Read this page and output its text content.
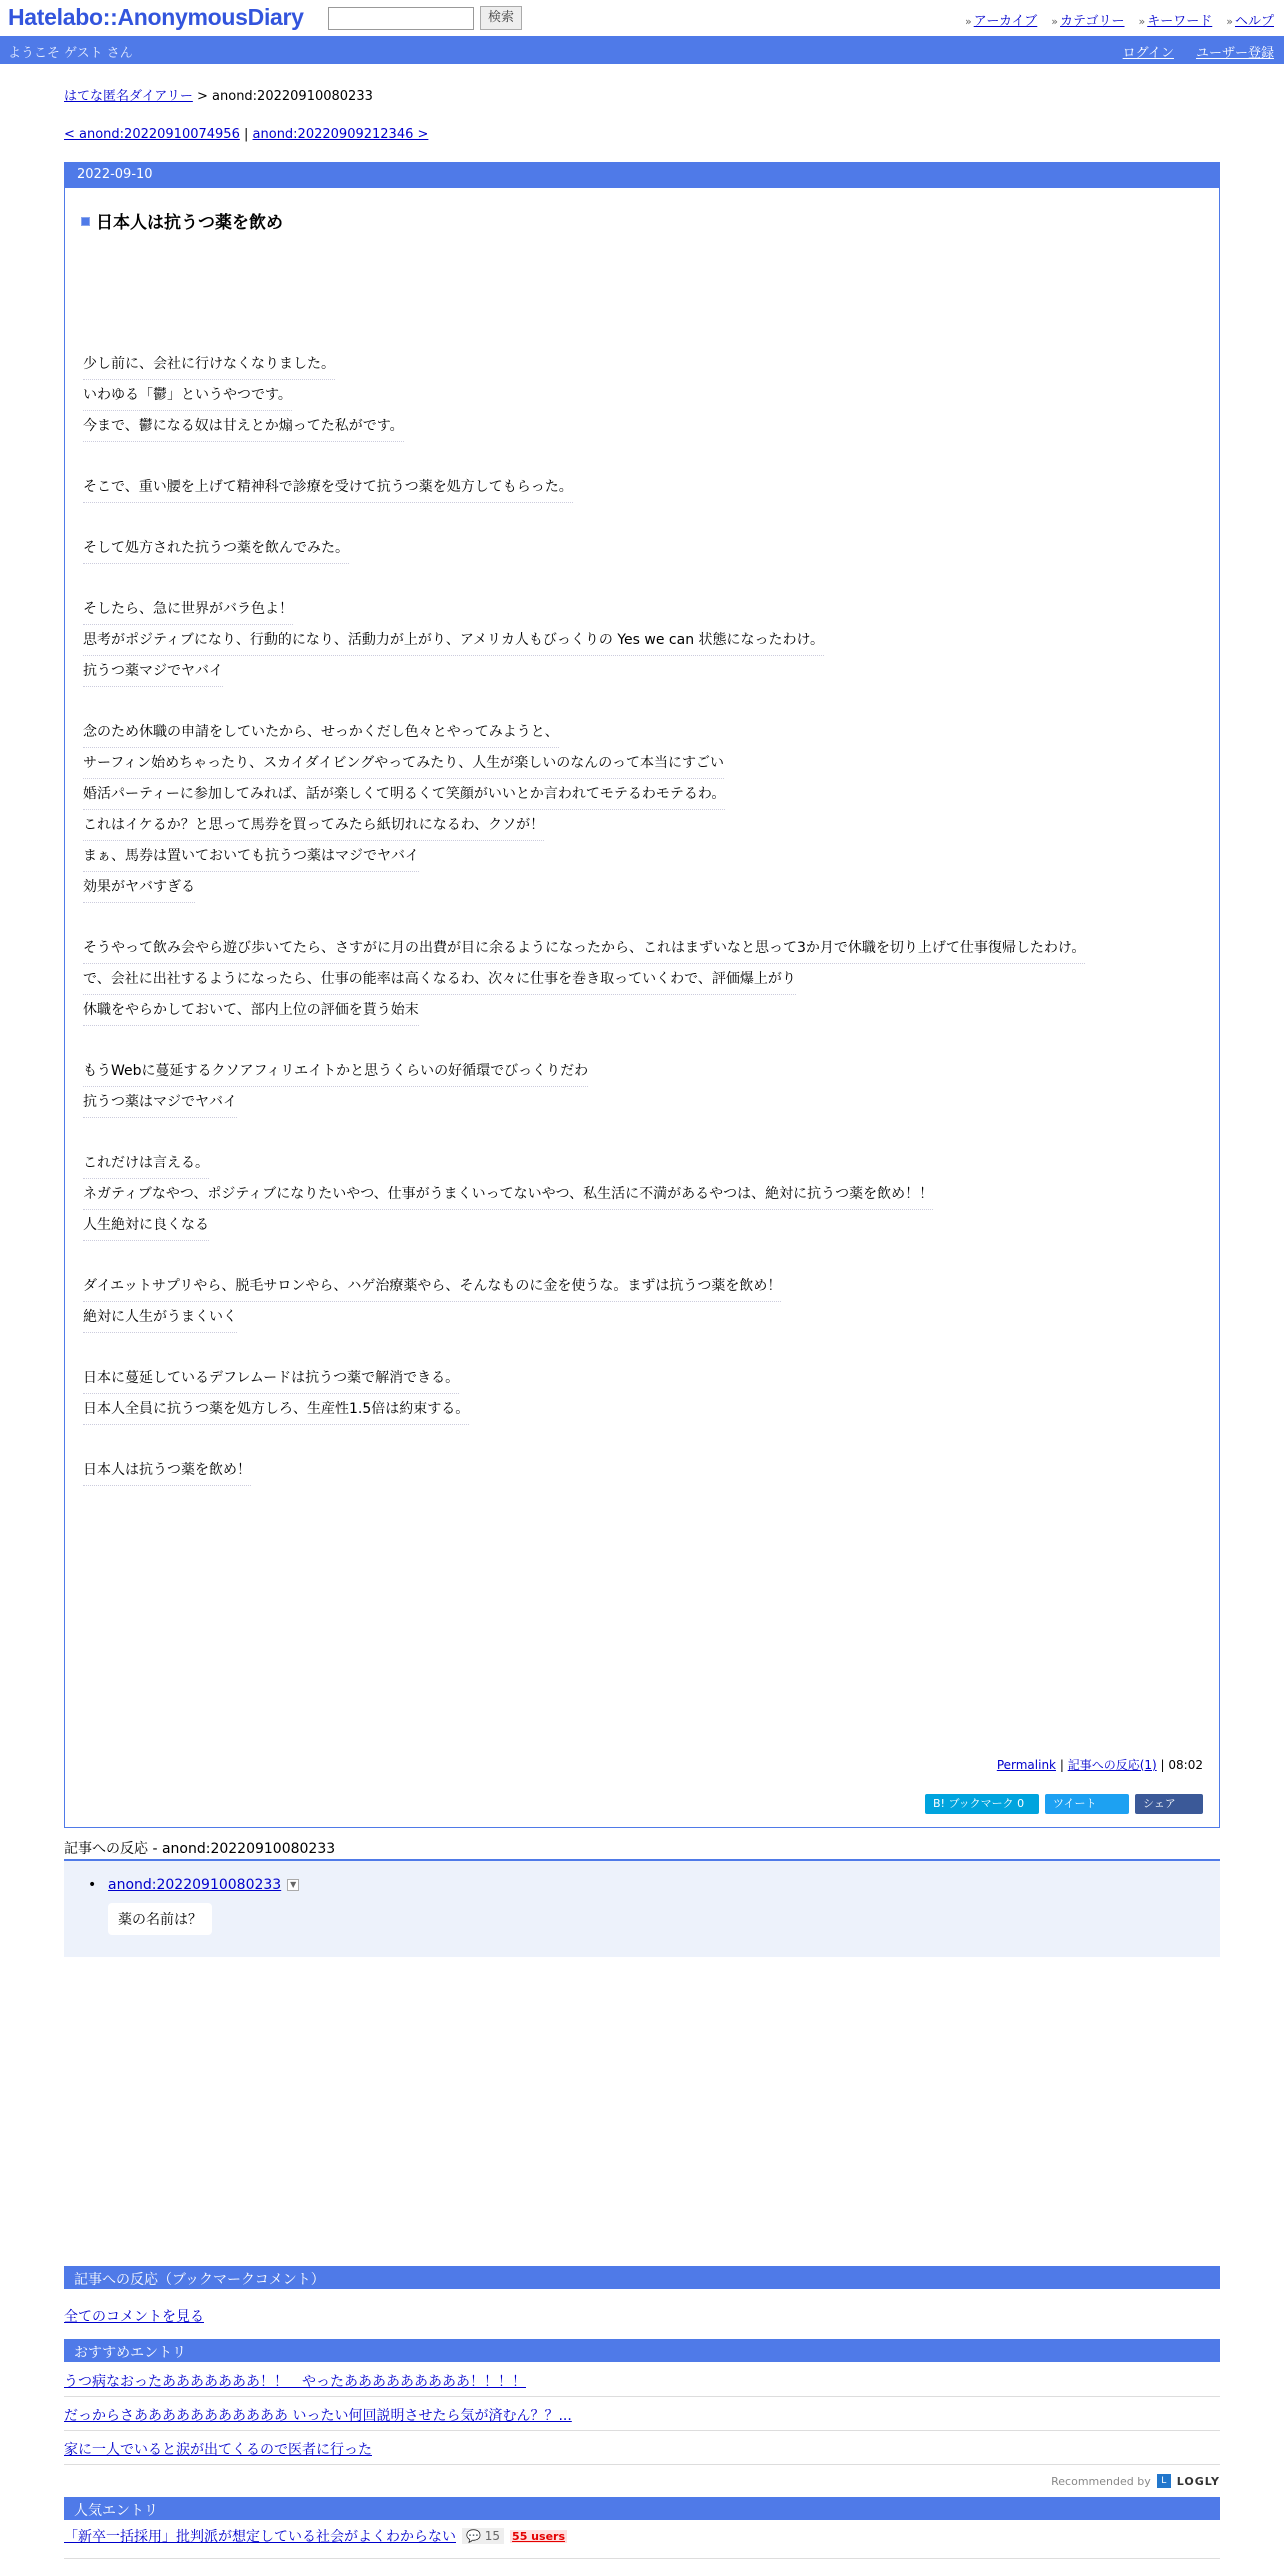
Hatelabo::AnonymousDiary	検索	» アーカイブ	» カテゴリー	» キーワード	» ヘルプ
ようこそ ゲスト さん	ログイン ユーザー登録
はてな匿名ダイアリー > anond:20220910080233
< anond:20220910074956 | anond:20220909212346 >
2022-09-10
日本人は抗うつ薬を飲め

少し前に、会社に行けなくなりました。

いわゆる「鬱」というやつです。

今まで、鬱になる奴は甘えとか煽ってた私がです。

そこで、重い腰を上げて精神科で診療を受けて抗うつ薬を処方してもらった。

そして処方された抗うつ薬を飲んでみた。

そしたら、急に世界がバラ色よ！

思考がポジティブになり、行動的になり、活動力が上がり、アメリカ人もびっくりの Yes we can 状態になったわけ。

抗うつ薬マジでヤバイ

念のため休職の申請をしていたから、せっかくだし色々とやってみようと、

サーフィン始めちゃったり、スカイダイビングやってみたり、人生が楽しいのなんのって本当にすごい

婚活パーティーに参加してみれば、話が楽しくて明るくて笑顔がいいとか言われてモテるわモテるわ。

これはイケるか？と思って馬券を買ってみたら紙切れになるわ、クソが！

まぁ、馬券は置いておいても抗うつ薬はマジでヤバイ

効果がヤバすぎる

そうやって飲み会やら遊び歩いてたら、さすがに月の出費が目に余るようになったから、これはまずいなと思って3か月で休職を切り上げて仕事復帰したわけ。

で、会社に出社するようになったら、仕事の能率は高くなるわ、次々に仕事を巻き取っていくわで、評価爆上がり

休職をやらかしておいて、部内上位の評価を貰う始末

もうWebに蔓延するクソアフィリエイトかと思うくらいの好循環でびっくりだわ

抗うつ薬はマジでヤバイ

これだけは言える。

ネガティブなやつ、ポジティブになりたいやつ、仕事がうまくいってないやつ、私生活に不満があるやつは、絶対に抗うつ薬を飲め！！

人生絶対に良くなる

ダイエットサプリやら、脱毛サロンやら、ハゲ治療薬やら、そんなものに金を使うな。まずは抗うつ薬を飲め！

絶対に人生がうまくいく

日本に蔓延しているデフレムードは抗うつ薬で解消できる。

日本人全員に抗うつ薬を処方しろ、生産性1.5倍は約束する。

日本人は抗うつ薬を飲め！

Permalink | 記事への反応(1) | 08:02
B! ブックマーク 0	ツイート	シェア
記事への反応 - anond:20220910080233
• anond:20220910080233 ▼
薬の名前は？
記事への反応（ブックマークコメント）
全てのコメントを見る
おすすめエントリ
うつ病なおったあああああああ！！　やったあああああああああ！！！！
だっからさあああああああああああ いったい何回説明させたら気が済むん？？...
家に一人でいると涙が出てくるので医者に行った
Recommended by	L LOGLY
人気エントリ
「新卒一括採用」批判派が想定している社会がよくわからない 💬 15	55 users
